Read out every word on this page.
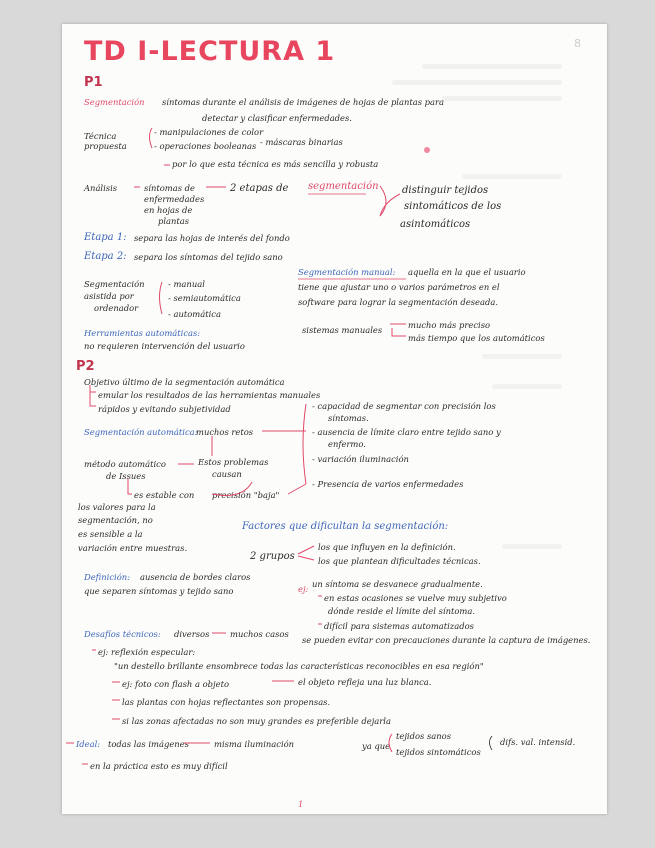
TD I-LECTURA 1	8
P1
Segmentación síntomas durante el análisis de imágenes de hojas de plantas para
detectar y clasificar enfermedades.
Técnica
propuesta
- manipulaciones de color
- operaciones booleanas - máscaras binarias
por lo que esta técnica es más sencilla y robusta
Análisis	síntomas de
enfermedades
en hojas de
plantas
2 etapas de segmentación distinguir tejidos
sintomáticos de los
asintomáticos
Etapa 1: separa las hojas de interés del fondo
Etapa 2: separa los síntomas del tejido sano
Segmentación
asistida por
ordenador
- manual
- semiautomática
- automática
Segmentación manual: aquella en la que el usuario
tiene que ajustar uno o varios parámetros en el
software para lograr la segmentación deseada.
sistemas manuales	mucho más preciso
más tiempo que los automáticos
Herramientas automáticas:
no requieren intervención del usuario
P2
Objetivo último de la segmentación automática
emular los resultados de las herramientas manuales
rápidos y evitando subjetividad	- capacidad de segmentar con precisión los
síntomas.
- ausencia de límite claro entre tejido sano y
enfermo.
- variación iluminación
- Presencia de varios enfermedades
Segmentación automática:
muchos retos
método automático
de Issues
Estos problemas
causan
es estable con precisión "baja"
los valores para la
segmentación, no
es sensible a la
variación entre muestras.
Factores que dificultan la segmentación:
2 grupos
los que influyen en la definición.
los que plantean dificultades técnicas.
Definición: ausencia de bordes claros
que separen síntomas y tejido sano	ej: un síntoma se desvanece gradualmente.
en estas ocasiones se vuelve muy subjetivo
dónde reside el límite del síntoma.
difícil para sistemas automatizados
Desafíos técnicos: diversos muchos casos
se pueden evitar con precauciones durante la captura de imágenes.
ej: reflexión especular:
"un destello brillante ensombrece todas las características reconocibles en esa región"
ej: foto con flash a objeto	el objeto refleja una luz blanca.
las plantas con hojas reflectantes son propensas.
si las zonas afectadas no son muy grandes es preferible dejarla
Ideal: todas las imágenes	misma iluminación	ya que
tejidos sanos
tejidos sintomáticos
difs. val. intensid.
en la práctica esto es muy difícil
1
